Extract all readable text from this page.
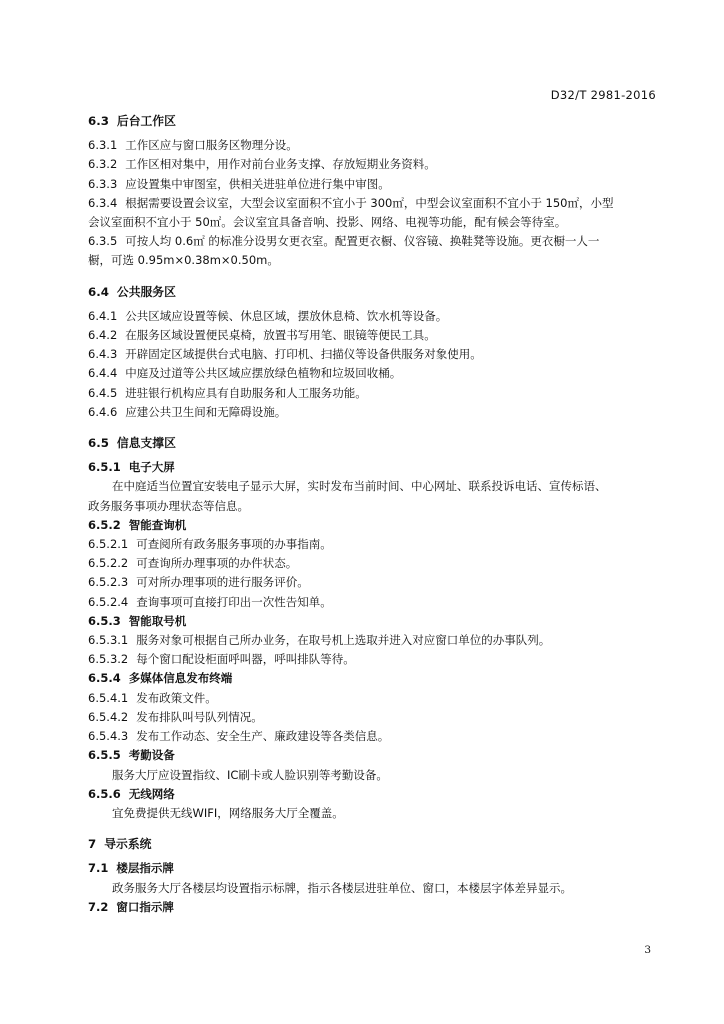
D32/T 2981-2016
6.3 后台工作区
6.3.1 工作区应与窗口服务区物理分设。
6.3.2 工作区相对集中，用作对前台业务支撑、存放短期业务资料。
6.3.3 应设置集中审图室，供相关进驻单位进行集中审图。
6.3.4 根据需要设置会议室，大型会议室面积不宜小于 300㎡，中型会议室面积不宜小于 150㎡，小型
会议室面积不宜小于 50㎡。会议室宜具备音响、投影、网络、电视等功能，配有候会等待室。
6.3.5 可按人均 0.6㎡ 的标准分设男女更衣室。配置更衣橱、仪容镜、换鞋凳等设施。更衣橱一人一
橱，可选 0.95m×0.38m×0.50m。
6.4 公共服务区
6.4.1 公共区域应设置等候、休息区域，摆放休息椅、饮水机等设备。
6.4.2 在服务区域设置便民桌椅，放置书写用笔、眼镜等便民工具。
6.4.3 开辟固定区域提供台式电脑、打印机、扫描仪等设备供服务对象使用。
6.4.4 中庭及过道等公共区域应摆放绿色植物和垃圾回收桶。
6.4.5 进驻银行机构应具有自助服务和人工服务功能。
6.4.6 应建公共卫生间和无障碍设施。
6.5 信息支撑区
6.5.1 电子大屏
在中庭适当位置宜安装电子显示大屏，实时发布当前时间、中心网址、联系投诉电话、宣传标语、
政务服务事项办理状态等信息。
6.5.2 智能查询机
6.5.2.1 可查阅所有政务服务事项的办事指南。
6.5.2.2 可查询所办理事项的办件状态。
6.5.2.3 可对所办理事项的进行服务评价。
6.5.2.4 查询事项可直接打印出一次性告知单。
6.5.3 智能取号机
6.5.3.1 服务对象可根据自己所办业务，在取号机上选取并进入对应窗口单位的办事队列。
6.5.3.2 每个窗口配设柜面呼叫器，呼叫排队等待。
6.5.4 多媒体信息发布终端
6.5.4.1 发布政策文件。
6.5.4.2 发布排队叫号队列情况。
6.5.4.3 发布工作动态、安全生产、廉政建设等各类信息。
6.5.5 考勤设备
服务大厅应设置指纹、IC刷卡或人脸识别等考勤设备。
6.5.6 无线网络
宜免费提供无线WIFI，网络服务大厅全覆盖。
7 导示系统
7.1 楼层指示牌
政务服务大厅各楼层均设置指示标牌，指示各楼层进驻单位、窗口，本楼层字体差异显示。
7.2 窗口指示牌
3
